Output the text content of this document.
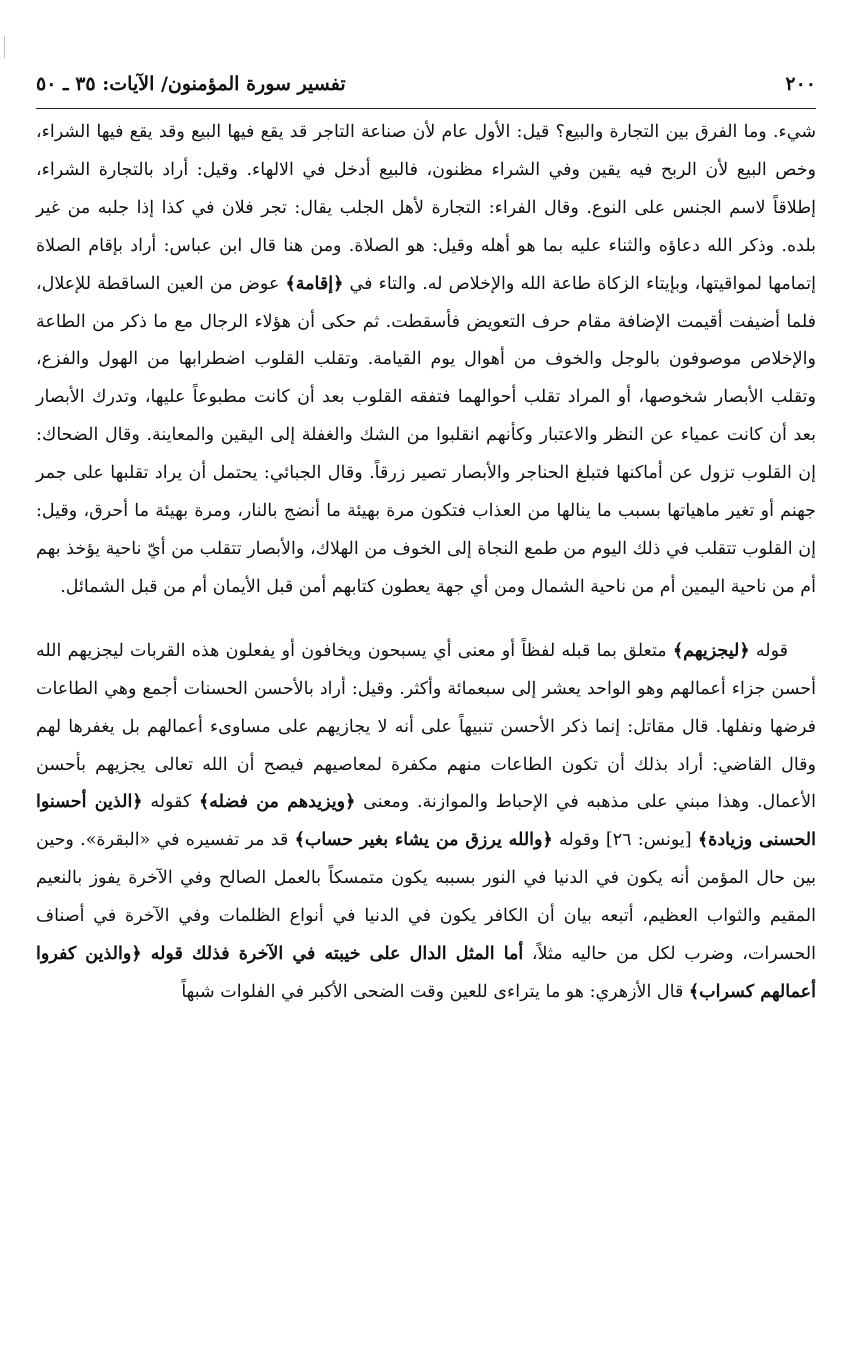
٢٠٠
تفسير سورة المؤمنون/ الآيات: ٣٥ ـ ٥٠

شيء. وما الفرق بين التجارة والبيع؟ قيل: الأول عام لأن صناعة التاجر قد يقع فيها البيع وقد يقع فيها الشراء، وخص البيع لأن الربح فيه يقين وفي الشراء مظنون، فالبيع أدخل في الالهاء. وقيل: أراد بالتجارة الشراء، إطلاقاً لاسم الجنس على النوع. وقال الفراء: التجارة لأهل الجلب يقال: تجر فلان في كذا إذا جلبه من غير بلده. وذكر الله دعاؤه والثناء عليه بما هو أهله وقيل: هو الصلاة. ومن هنا قال ابن عباس: أراد بإقام الصلاة إتمامها لمواقيتها، وبإيتاء الزكاة طاعة الله والإخلاص له. والتاء في ﴿إقامة﴾ عوض من العين الساقطة للإعلال، فلما أضيفت أقيمت الإضافة مقام حرف التعويض فأسقطت. ثم حكى أن هؤلاء الرجال مع ما ذكر من الطاعة والإخلاص موصوفون بالوجل والخوف من أهوال يوم القيامة. وتقلب القلوب اضطرابها من الهول والفزع، وتقلب الأبصار شخوصها، أو المراد تقلب أحوالهما فتفقه القلوب بعد أن كانت مطبوعاً عليها، وتدرك الأبصار بعد أن كانت عمياء عن النظر والاعتبار وكأنهم انقلبوا من الشك والغفلة إلى اليقين والمعاينة. وقال الضحاك: إن القلوب تزول عن أماكنها فتبلغ الحناجر والأبصار تصير زرقاً. وقال الجبائي: يحتمل أن يراد تقلبها على جمر جهنم أو تغير ماهياتها بسبب ما ينالها من العذاب فتكون مرة بهيئة ما أنضج بالنار، ومرة بهيئة ما أحرق، وقيل: إن القلوب تتقلب في ذلك اليوم من طمع النجاة إلى الخوف من الهلاك، والأبصار تتقلب من أيّ ناحية يؤخذ بهم أم من ناحية اليمين أم من ناحية الشمال ومن أي جهة يعطون كتابهم أمن قبل الأيمان أم من قبل الشمائل.

قوله ﴿ليجزيهم﴾ متعلق بما قبله لفظاً أو معنى أي يسبحون ويخافون أو يفعلون هذه القربات ليجزيهم الله أحسن جزاء أعمالهم وهو الواحد يعشر إلى سبعمائة وأكثر. وقيل: أراد بالأحسن الحسنات أجمع وهي الطاعات فرضها ونفلها. قال مقاتل: إنما ذكر الأحسن تنبيهاً على أنه لا يجازيهم على مساوىء أعمالهم بل يغفرها لهم وقال القاضي: أراد بذلك أن تكون الطاعات منهم مكفرة لمعاصيهم فيصح أن الله تعالى يجزيهم بأحسن الأعمال. وهذا مبني على مذهبه في الإحباط والموازنة. ومعنى ﴿ويزيدهم من فضله﴾ كقوله ﴿الذين أحسنوا الحسنى وزيادة﴾ [يونس: ٢٦] وقوله ﴿والله يرزق من يشاء بغير حساب﴾ قد مر تفسيره في «البقرة». وحين بين حال المؤمن أنه يكون في الدنيا في النور بسببه يكون متمسكاً بالعمل الصالح وفي الآخرة يفوز بالنعيم المقيم والثواب العظيم، أتبعه بيان أن الكافر يكون في الدنيا في أنواع الظلمات وفي الآخرة في أصناف الحسرات، وضرب لكل من حاليه مثلاً، أما المثل الدال على خيبته في الآخرة فذلك قوله ﴿والذين كفروا أعمالهم كسراب﴾ قال الأزهري: هو ما يتراءى للعين وقت الضحى الأكبر في الفلوات شبهاً
